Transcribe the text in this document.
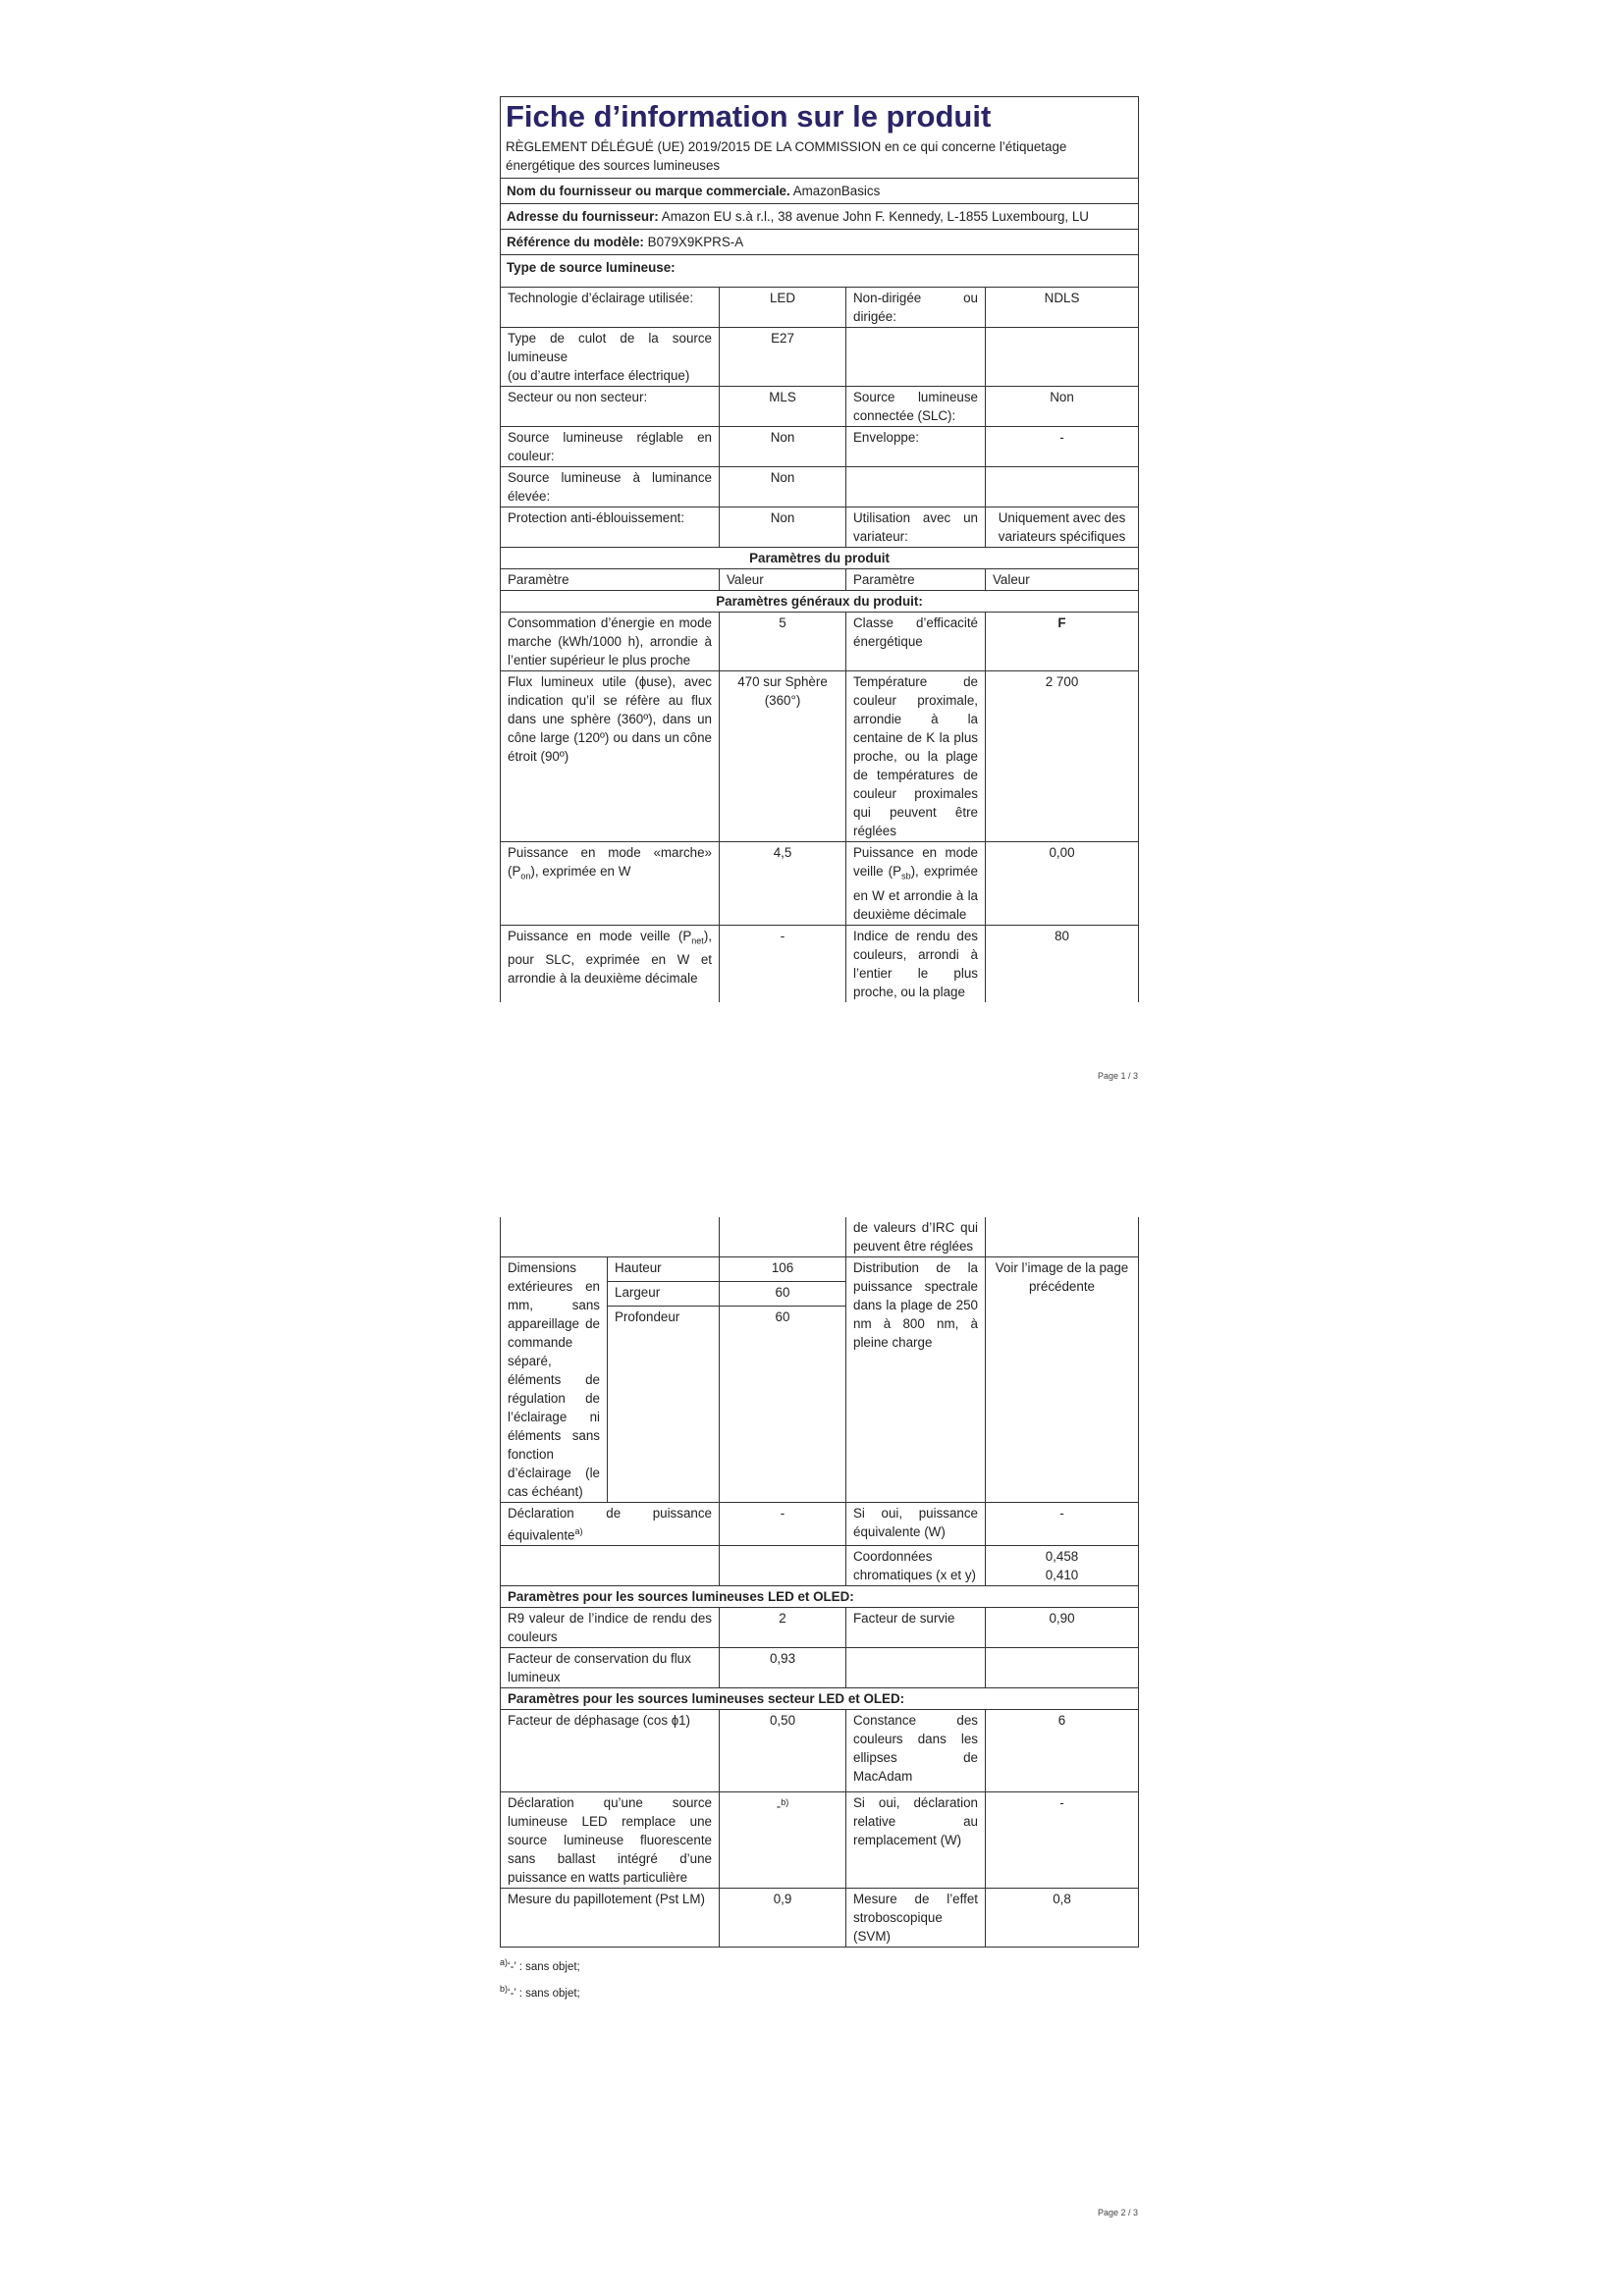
Fiche d’information sur le produit
RÈGLEMENT DÉLÉGUÉ (UE) 2019/2015 DE LA COMMISSION en ce qui concerne l’étiquetage énergétique des sources lumineuses			

Nom du fournisseur ou marque commerciale. AmazonBasics			
Adresse du fournisseur: Amazon EU s.à r.l., 38 avenue John F. Kennedy, L-1855 Luxembourg, LU			
Référence du modèle: B079X9KPRS-A			
Type de source lumineuse:			
Technologie d’éclairage utilisée:	LED	Non-dirigée ou dirigée:	NDLS

Type de culot de la source lumineuse
(ou d’autre interface électrique)	E27		
Secteur ou non secteur:	MLS	Source lumineuse connectée (SLC):	Non
Source lumineuse réglable en couleur:	Non	Enveloppe:	-
Source lumineuse à luminance élevée:	Non		
Protection anti-éblouissement:	Non	Utilisation avec un variateur:	Uniquement avec des variateurs spécifiques
Paramètres du produit			
Paramètre	Valeur	Paramètre	Valeur
Paramètres généraux du produit:			
Consommation d’énergie en mode marche (kWh/1000 h), arrondie à l’entier supérieur le plus proche	5	Classe d’efficacité énergétique	F
Flux lumineux utile (ɸuse), avec indication qu’il se réfère au flux dans une sphère (360º), dans un cône large (120º) ou dans un cône étroit (90º)	470 sur Sphère (360°)	Température de couleur proximale, arrondie à la centaine de K la plus proche, ou la plage de températures de couleur proximales qui peuvent être réglées	2 700
Puissance en mode «marche» $(P_{on})$, exprimée en W	4,5	Puissance en mode veille $(P_{sb})$, exprimée en W et arrondie à la deuxième décimale	0,00
Puissance en mode veille $(P_{net})$, pour SLC, exprimée en W et arrondie à la deuxième décimale	-	Indice de rendu des couleurs, arrondi à l’entier le plus proche, ou la plage	80
Page 1 / 3
			de valeurs d’IRC qui peuvent être réglées	
Dimensions extérieures en mm, sans appareillage de commande séparé, éléments de régulation de l’éclairage ni éléments sans fonction d’éclairage (le cas échéant)	Hauteur	106	Distribution de la puissance spectrale dans la plage de 250 nm à 800 nm, à pleine charge	Voir l’image de la page précédente
	Largeur	60		
	Profondeur	60		
Déclaration de puissance équivalente$^{a)}$		-	Si oui, puissance équivalente (W)	-
			Coordonnées chromatiques (x et y)	0,458
0,410

Paramètres pour les sources lumineuses LED et OLED:				
R9 valeur de l’indice de rendu des couleurs		2	Facteur de survie	0,90
Facteur de conservation du flux lumineux		0,93		
Paramètres pour les sources lumineuses secteur LED et OLED:				
Facteur de déphasage (cos ɸ1)		0,50	Constance des couleurs dans les ellipses de MacAdam	6
Déclaration qu’une source lumineuse LED remplace une source lumineuse fluorescente sans ballast intégré d’une puissance en watts particulière		-$^{b)}$	Si oui, déclaration relative au remplacement (W)	-
Mesure du papillotement (Pst LM)		0,9	Mesure de l’effet stroboscopique (SVM)	0,8
$^{a)}$‘-’ : sans objet;
$^{b)}$‘-’ : sans objet;
Page 2 / 3
